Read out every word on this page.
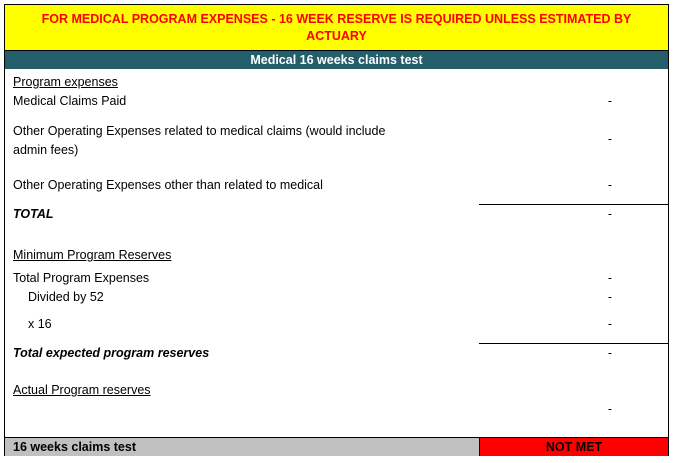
FOR MEDICAL PROGRAM EXPENSES - 16 WEEK RESERVE IS REQUIRED UNLESS ESTIMATED BY
ACTUARY
Medical 16 weeks claims test
Program expenses
Medical Claims Paid	-
Other Operating Expenses related to medical claims (would include
admin fees)
-
Other Operating Expenses other than related to medical	-
TOTAL	-
Minimum Program Reserves
Total Program Expenses	-
Divided by 52	-
x 16	-
Total expected program reserves	-
Actual Program reserves
-
16 weeks claims test	NOT MET
